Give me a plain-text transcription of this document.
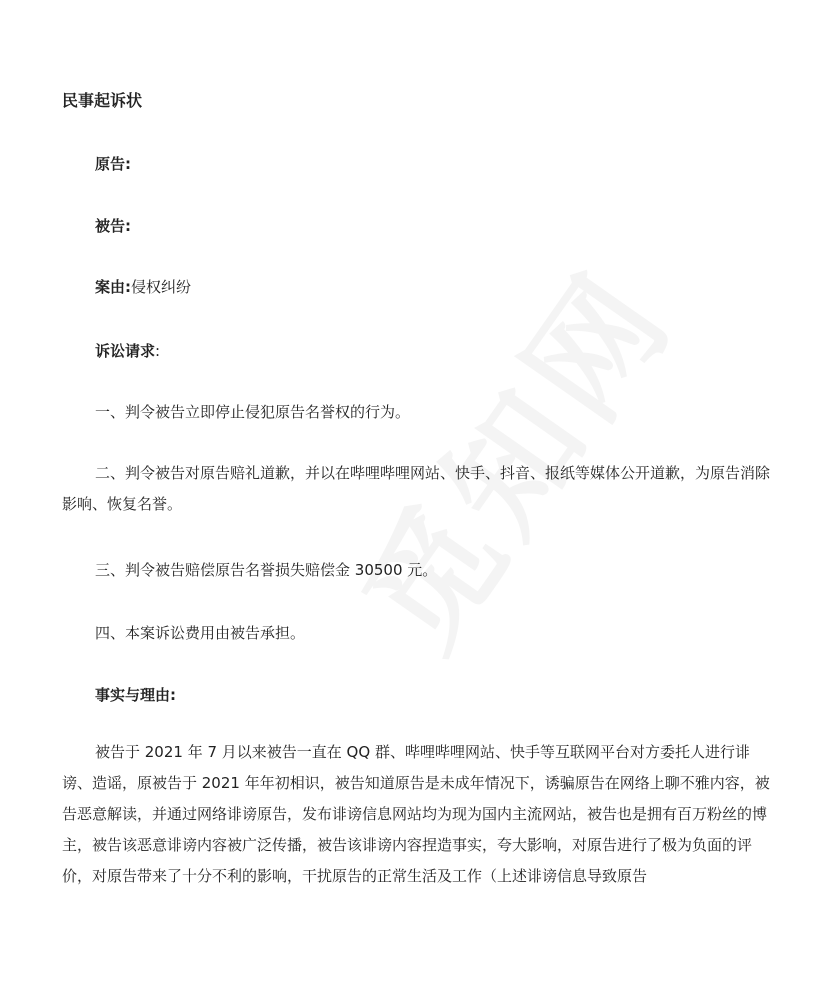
民事起诉状
原告:
被告:
案由:侵权纠纷
诉讼请求:
一、判令被告立即停止侵犯原告名誉权的行为。
二、判令被告对原告赔礼道歉，并以在哔哩哔哩网站、快手、抖音、报纸等媒体公开道歉，为原告消除影响、恢复名誉。
三、判令被告赔偿原告名誉损失赔偿金 30500 元。
四、本案诉讼费用由被告承担。
事实与理由:
被告于 2021 年 7 月以来被告一直在 QQ 群、哔哩哔哩网站、快手等互联网平台对方委托人进行诽谤、造谣，原被告于 2021 年年初相识，被告知道原告是未成年情况下，诱骗原告在网络上聊不雅内容，被告恶意解读，并通过网络诽谤原告，发布诽谤信息网站均为现为国内主流网站，被告也是拥有百万粉丝的博主，被告该恶意诽谤内容被广泛传播，被告该诽谤内容捏造事实，夸大影响，对原告进行了极为负面的评价，对原告带来了十分不利的影响，干扰原告的正常生活及工作（上述诽谤信息导致原告
